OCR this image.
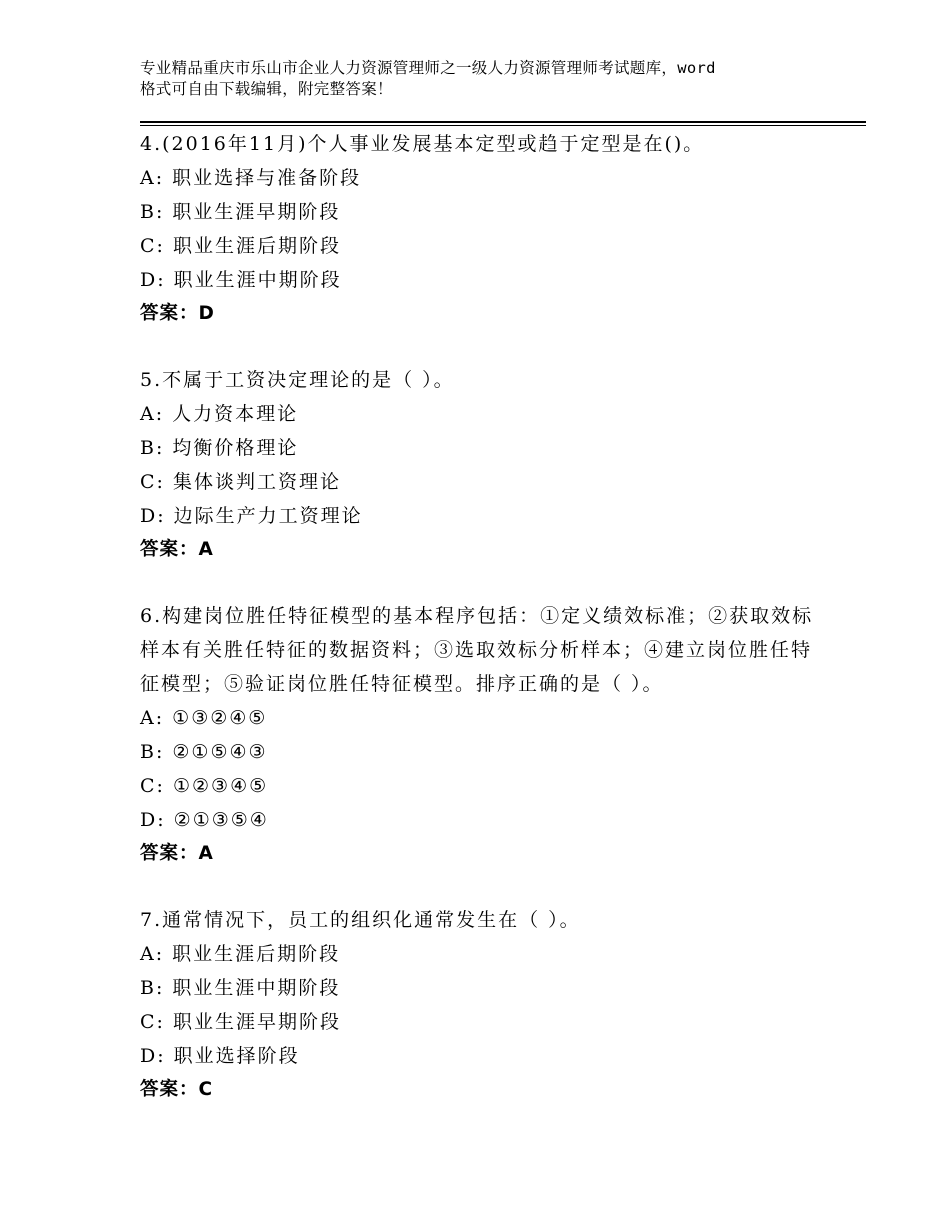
专业精品重庆市乐山市企业人力资源管理师之一级人力资源管理师考试题库，word
格式可自由下载编辑，附完整答案！

4.(2016年11月)个人事业发展基本定型或趋于定型是在()。

A: 职业选择与准备阶段

B: 职业生涯早期阶段

C: 职业生涯后期阶段

D: 职业生涯中期阶段

答案：D

5.不属于工资决定理论的是（ ）。

A: 人力资本理论

B: 均衡价格理论

C: 集体谈判工资理论

D: 边际生产力工资理论

答案：A

6.构建岗位胜任特征模型的基本程序包括：①定义绩效标准；②获取效标样本有关胜任特征的数据资料；③选取效标分析样本；④建立岗位胜任特征模型；⑤验证岗位胜任特征模型。排序正确的是（ ）。

A: ①③②④⑤

B: ②①⑤④③

C: ①②③④⑤

D: ②①③⑤④

答案：A

7.通常情况下，员工的组织化通常发生在（ ）。

A: 职业生涯后期阶段

B: 职业生涯中期阶段

C: 职业生涯早期阶段

D: 职业选择阶段

答案：C
